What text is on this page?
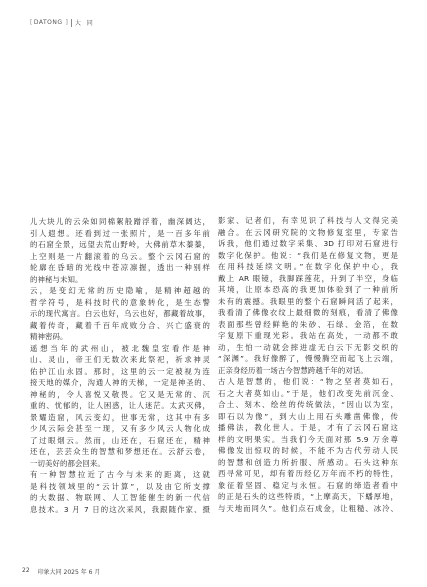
[ DATONG ] 大 同

儿大块儿的云朵如同棉絮般蹭浮着，幽深阔达，

引人遐想。还看到过一张照片，是一百多年前

的石窟全景，远望去荒山野岭，大佛前草木蓁蓁，

上空则是一片翻滚着的乌云。整个云冈石窟的

轮廓在昏暗的光线中苍凉凛握，透出一种别样

的神秘与未知。

云，是变幻无常的历史隐喻，是精神超越的

哲学符号，是科技时代的意象转化，是生态警

示的现代寓言。白云也好，乌云也好，都藏着故事，

藏着传奇，藏着千百年成败分合、兴亡盛衰的

精神密码。

遥想当年的武州山，被北魏皇室看作是神

山、灵山，帝王们无数次来此祭祀，祈求神灵

佑护江山永固。那时，这里的云一定被视为连

接天地的媒介，沟通人神的天梯，一定是神圣的、

神秘的，令人喜悦又敬畏。它又是无常的、沉

重的、忧郁的，让人困惑，让人迷茫。太武灭佛，

景耀造窟，风云变幻，世事无常，这其中有多

少风云际会甚至一现，又有多少风云人物化成

了过眼烟云。然而，山还在，石窟还在，精神

还在，芸芸众生的智慧和梦想还在。云舒云卷，

一切美好的都会回来。

有一种智慧拉近了古今与未来的距离，这就

是科技领域里的“云计算”，以及由它所支撑

的大数据、物联网、人工智能催生的新一代信

息技术。3 月 7 日的这次采风，我跟随作家、摄

影家、记者们，有幸见识了科技与人文得完美

融合。在云冈研究院的文物修复室里，专家告

诉我，他们通过数字采集、3D 打印对石窟进行

数字化保护。他说：“我们是在修复文物，更是

在用科技延续文明。”在数字化保护中心，我

戴上 AR 眼镜，我脚踩莲花，升到了半空，身临

其境，让原本恐高的我更加体验到了一种前所

未有的震撼。我眼里的整个石窟瞬间活了起来，

我看清了佛像衣纹上最细微的刻痕，看清了佛像

表面那些曾经鲜艳的朱砂、石绿、金箔，在数

字复原下重现光彩。我站在高处，一动都不敢

动，生怕一动就会摔进虚无白云下无影交织的

“深渊”。我好像醉了，慢慢腾空而起飞上云端，

正亲身经历着一场古今智慧跨越千年的对话。

古人是智慧的，他们说：“物之坚者莫如石，

石之大者莫如山。”于是，他们改变先前沉金、

合土、刻木、绘丝的传统做法，“因山以为室，

即石以为像”，到大山上用石头雕凿佛像，传

播佛法，教化世人。于是，才有了云冈石窟这

样的文明果实。当我们今天面对那 5.9 万余尊

佛像发出惊叹的时候，不能不为古代劳动人民

的智慧和创造力所折服、所感动。石头这种东

西寻常可见，却有着历经亿万年而不朽的特性，

象征着坚固、稳定与永恒。石窟的缔造者看中

的正是石头的这些特质，“上摩高天，下蟠厚地，

与天地而同久”。他们点石成金，让粗糙、冰冷、

22 印象大同 2025 年 6 月
